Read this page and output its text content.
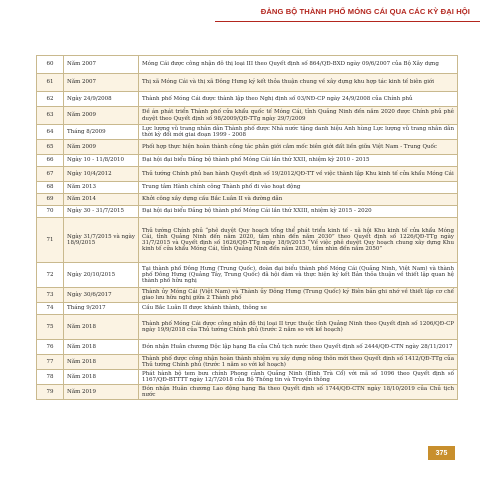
ĐẢNG BỘ THÀNH PHỐ MÓNG CÁI QUA CÁC KỲ ĐẠI HỘI
60	Năm 2007	Móng Cái được công nhận đô thị loại III theo Quyết định số 864/QĐ-BXD ngày 09/6/2007 của Bộ Xây dựng
61	Năm 2007	Thị xã Móng Cái và thị xã Đông Hưng ký kết thỏa thuận chung về xây dựng khu hợp tác kinh tế biên giới
62	Ngày 24/9/2008	Thành phố Móng Cái được thành lập theo Nghị định số 03/NĐ-CP ngày 24/9/2008 của Chính phủ
63	Năm 2009	Đề án phát triển Thành phố cửa khẩu quốc tế Móng Cái, tỉnh Quảng Ninh đến năm 2020 được Chính phủ phê duyệt theo Quyết định số 98/2009/QĐ-TTg ngày 29/7/2009
64	Tháng 8/2009	Lực lượng vũ trang nhân dân Thành phố được Nhà nước tặng danh hiệu Anh hùng Lực lượng vũ trang nhân dân thời kỳ đổi mới giai đoạn 1999 - 2008
65	Năm 2009	Phối hợp thực hiện hoàn thành công tác phân giới cắm mốc biên giới đất liền giữa Việt Nam - Trung Quốc
66	Ngày 10 - 11/8/2010	Đại hội đại biểu Đảng bộ thành phố Móng Cái lần thứ XXII, nhiệm kỳ 2010 - 2015
67	Ngày 10/4/2012	Thủ tướng Chính phủ ban hành Quyết định số 19/2012/QĐ-TT về việc thành lập Khu kinh tế cửa khẩu Móng Cái
68	Năm 2013	Trung tâm Hành chính công Thành phố đi vào hoạt động
69	Năm 2014	Khởi công xây dựng cầu Bắc Luân II và đường dẫn
70	Ngày 30 - 31/7/2015	Đại hội đại biểu Đảng bộ thành phố Móng Cái lần thứ XXIII, nhiệm kỳ 2015 - 2020
71	Ngày 31/7/2015 và ngày 18/9/2015	Thủ tướng Chính phủ “phê duyệt Quy hoạch tổng thể phát triển kinh tế - xã hội Khu kinh tế cửa khẩu Móng Cái, tỉnh Quảng Ninh đến năm 2020, tầm nhìn đến năm 2030” theo Quyết định số 1226/QĐ-TTg ngày 31/7/2015 và Quyết định số 1626/QĐ-TTg ngày 18/9/2015 “Về việc phê duyệt Quy hoạch chung xây dựng Khu kinh tế cửa khẩu Móng Cái, tỉnh Quảng Ninh đến năm 2030, tầm nhìn đến năm 2050”
72	Ngày 20/10/2015	Tại thành phố Đông Hưng (Trung Quốc), đoàn đại biểu thành phố Móng Cái (Quảng Ninh, Việt Nam) và thành phố Đông Hưng (Quảng Tây, Trung Quốc) đã hội đàm và thực hiện ký kết Bản thỏa thuận về thiết lập quan hệ thành phố hữu nghị
73	Ngày 30/6/2017	Thành ủy Móng Cái (Việt Nam) và Thành ủy Đông Hưng (Trung Quốc) ký Biên bản ghi nhớ về thiết lập cơ chế giao lưu hữu nghị giữa 2 Thành phố
74	Tháng 9/2017	Cầu Bắc Luân II được khánh thành, thông xe
75	Năm 2018	Thành phố Móng Cái được công nhận đô thị loại II trực thuộc tỉnh Quảng Ninh theo Quyết định số 1206/QĐ-CP ngày 19/9/2018 của Thủ tướng Chính phủ (trước 2 năm so với kế hoạch)
76	Năm 2018	Đón nhận Huân chương Độc lập hạng Ba của Chủ tịch nước theo Quyết định số 2444/QĐ-CTN ngày 28/11/2017
77	Năm 2018	Thành phố được công nhận hoàn thành nhiệm vụ xây dựng nông thôn mới theo Quyết định số 1412/QĐ-TTg của Thủ tướng Chính phủ (trước 1 năm so với kế hoạch)
78	Năm 2018	Phát hành bộ tem bưu chính Phong cảnh Quảng Ninh (Bình Trà Cổ) với mã số 1096 theo Quyết định số 1167/QĐ-BTTTT ngày 12/7/2018 của Bộ Thông tin và Truyền thông
79	Năm 2019	Đón nhận Huân chương Lao động hạng Ba theo Quyết định số 1744/QĐ-CTN ngày 18/10/2019 của Chủ tịch nước
375
